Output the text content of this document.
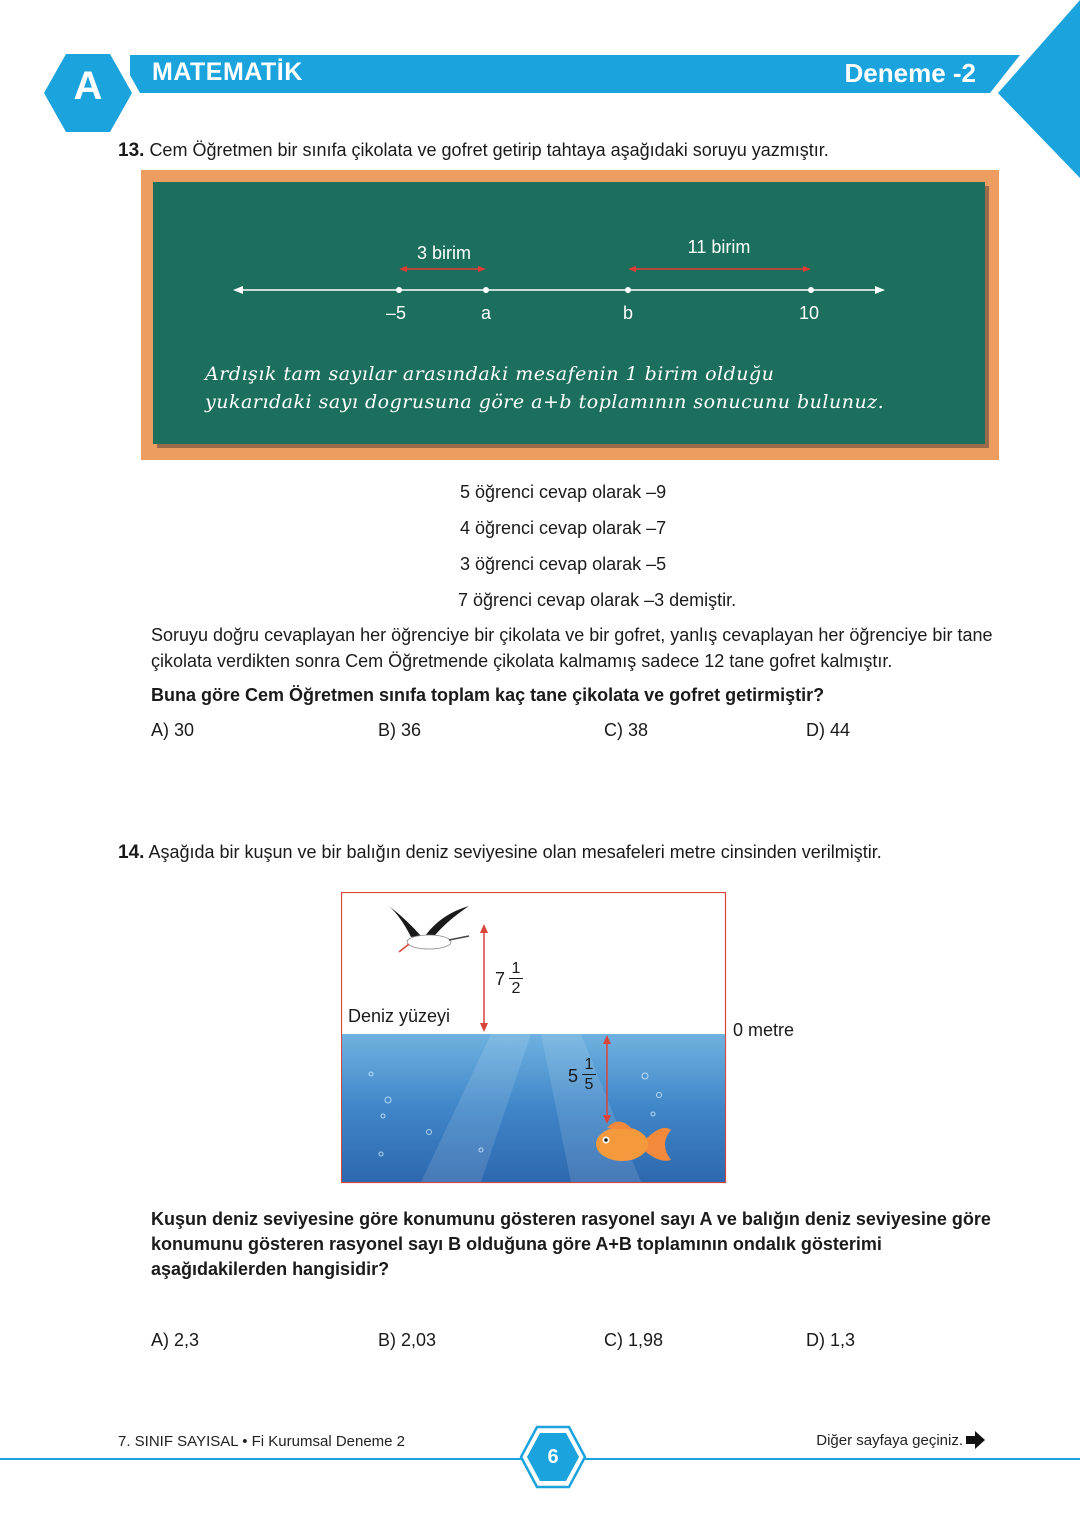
A	MATEMATİK	Deneme -2
13. Cem Öğretmen bir sınıfa çikolata ve gofret getirip tahtaya aşağıdaki soruyu yazmıştır.
3 birim	11 birim
–5	a	b	10
Ardışık tam sayılar arasındaki mesafenin 1 birim olduğu
yukarıdaki sayı dogrusuna göre a+b toplamının sonucunu bulunuz.
5 öğrenci cevap olarak –9
4 öğrenci cevap olarak –7
3 öğrenci cevap olarak –5
7 öğrenci cevap olarak –3 demiştir.
Soruyu doğru cevaplayan her öğrenciye bir çikolata ve bir gofret, yanlış cevaplayan her öğrenciye bir tane çikolata verdikten sonra Cem Öğretmende çikolata kalmamış sadece 12 tane gofret kalmıştır.
Buna göre Cem Öğretmen sınıfa toplam kaç tane çikolata ve gofret getirmiştir?
A) 30	B) 36	C) 38	D) 44
14. Aşağıda bir kuşun ve bir balığın deniz seviyesine olan mesafeleri metre cinsinden verilmiştir.
7
1
2
5
1
5
Deniz yüzeyi
0 metre
Kuşun deniz seviyesine göre konumunu gösteren rasyonel sayı A ve balığın deniz seviyesine göre konumunu gösteren rasyonel sayı B olduğuna göre A+B toplamının ondalık gösterimi aşağıdakilerden hangisidir?
A) 2,3	B) 2,03	C) 1,98	D) 1,3
7. SINIF SAYISAL • Fi Kurumsal Deneme 2
6
Diğer sayfaya geçiniz.
